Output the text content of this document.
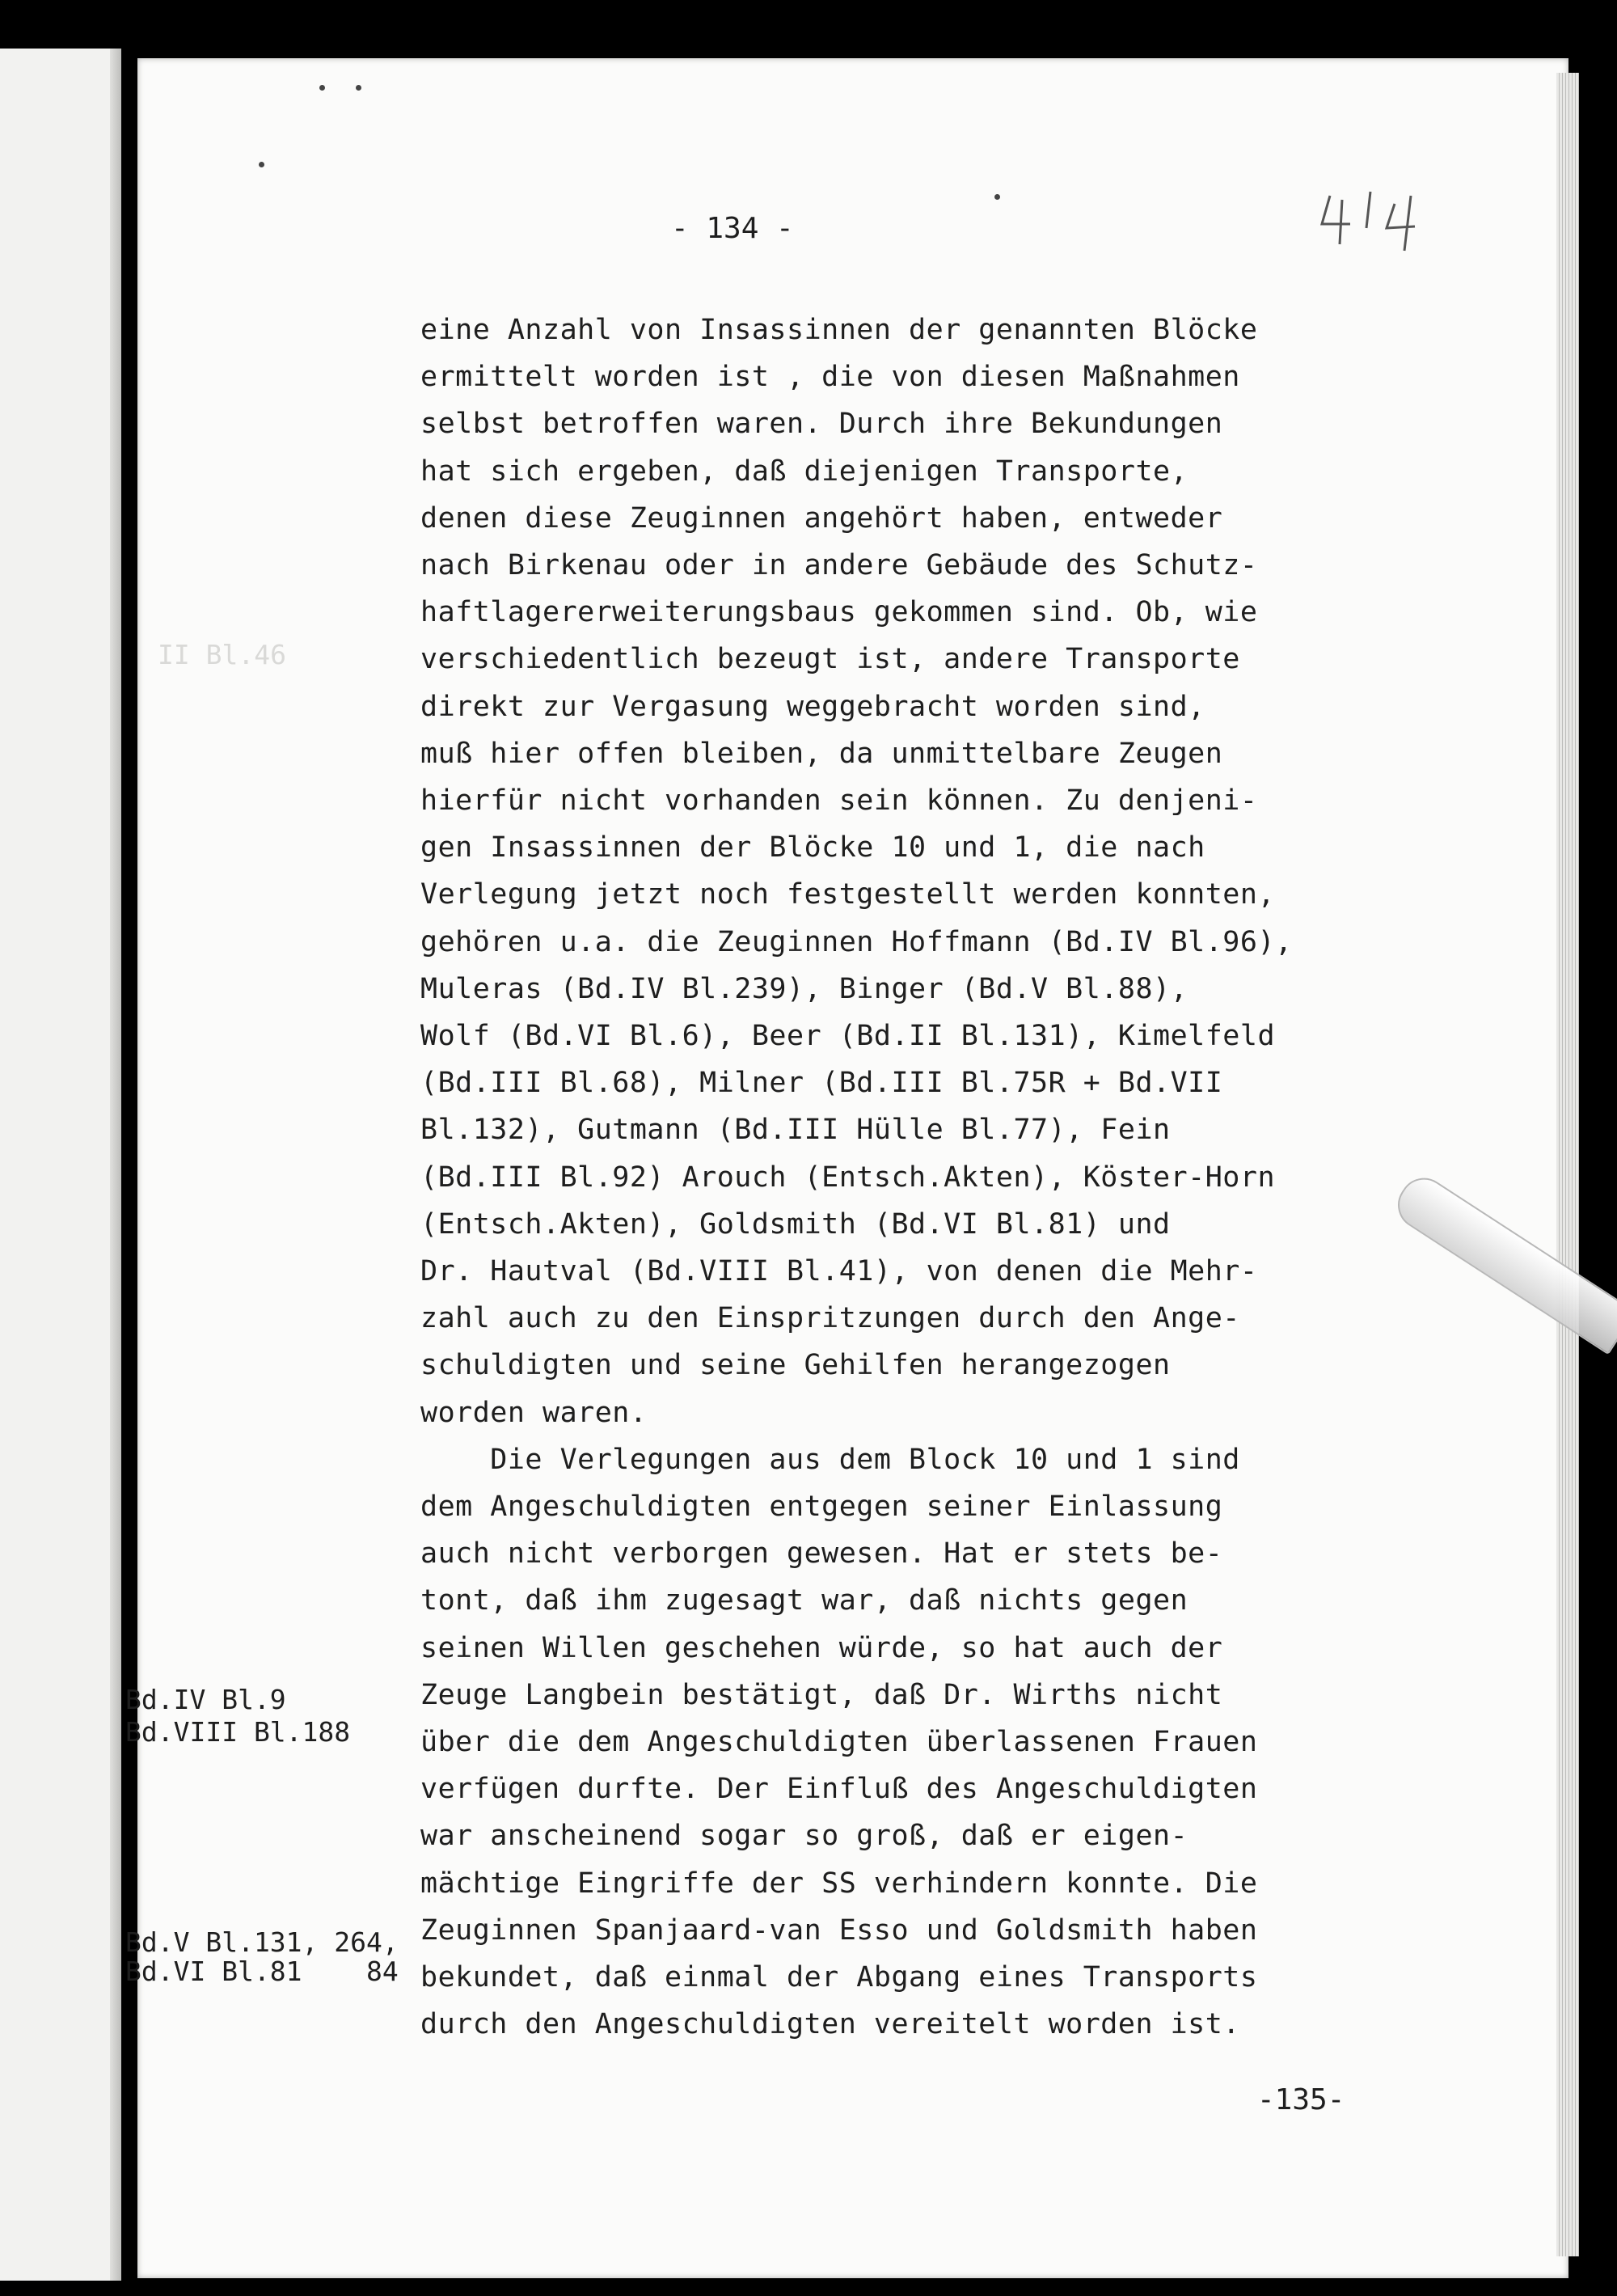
II Bl.46
- 134 -
eine Anzahl von Insassinnen der genannten Blöcke
ermittelt worden ist , die von diesen Maßnahmen
selbst betroffen waren. Durch ihre Bekundungen
hat sich ergeben, daß diejenigen Transporte,
denen diese Zeuginnen angehört haben, entweder
nach Birkenau oder in andere Gebäude des Schutz-
haftlagererweiterungsbaus gekommen sind. Ob, wie
verschiedentlich bezeugt ist, andere Transporte
direkt zur Vergasung weggebracht worden sind,
muß hier offen bleiben, da unmittelbare Zeugen
hierfür nicht vorhanden sein können. Zu denjeni-
gen Insassinnen der Blöcke 10 und 1, die nach
Verlegung jetzt noch festgestellt werden konnten,
gehören u.a. die Zeuginnen Hoffmann (Bd.IV Bl.96),
Muleras (Bd.IV Bl.239), Binger (Bd.V Bl.88),
Wolf (Bd.VI Bl.6), Beer (Bd.II Bl.131), Kimelfeld
(Bd.III Bl.68), Milner (Bd.III Bl.75R + Bd.VII
Bl.132), Gutmann (Bd.III Hülle Bl.77), Fein
(Bd.III Bl.92) Arouch (Entsch.Akten), Köster-Horn
(Entsch.Akten), Goldsmith (Bd.VI Bl.81) und
Dr. Hautval (Bd.VIII Bl.41), von denen die Mehr-
zahl auch zu den Einspritzungen durch den Ange-
schuldigten und seine Gehilfen herangezogen
worden waren.
Die Verlegungen aus dem Block 10 und 1 sind
dem Angeschuldigten entgegen seiner Einlassung
auch nicht verborgen gewesen. Hat er stets be-
tont, daß ihm zugesagt war, daß nichts gegen
seinen Willen geschehen würde, so hat auch der
Zeuge Langbein bestätigt, daß Dr. Wirths nicht
über die dem Angeschuldigten überlassenen Frauen
verfügen durfte. Der Einfluß des Angeschuldigten
war anscheinend sogar so groß, daß er eigen-
mächtige Eingriffe der SS verhindern konnte. Die
Zeuginnen Spanjaard-van Esso und Goldsmith haben
bekundet, daß einmal der Abgang eines Transports
durch den Angeschuldigten vereitelt worden ist.
Bd.IV Bl.9
Bd.VIII Bl.188
Bd.V Bl.131, 264,
Bd.VI Bl.81    84
-135-
